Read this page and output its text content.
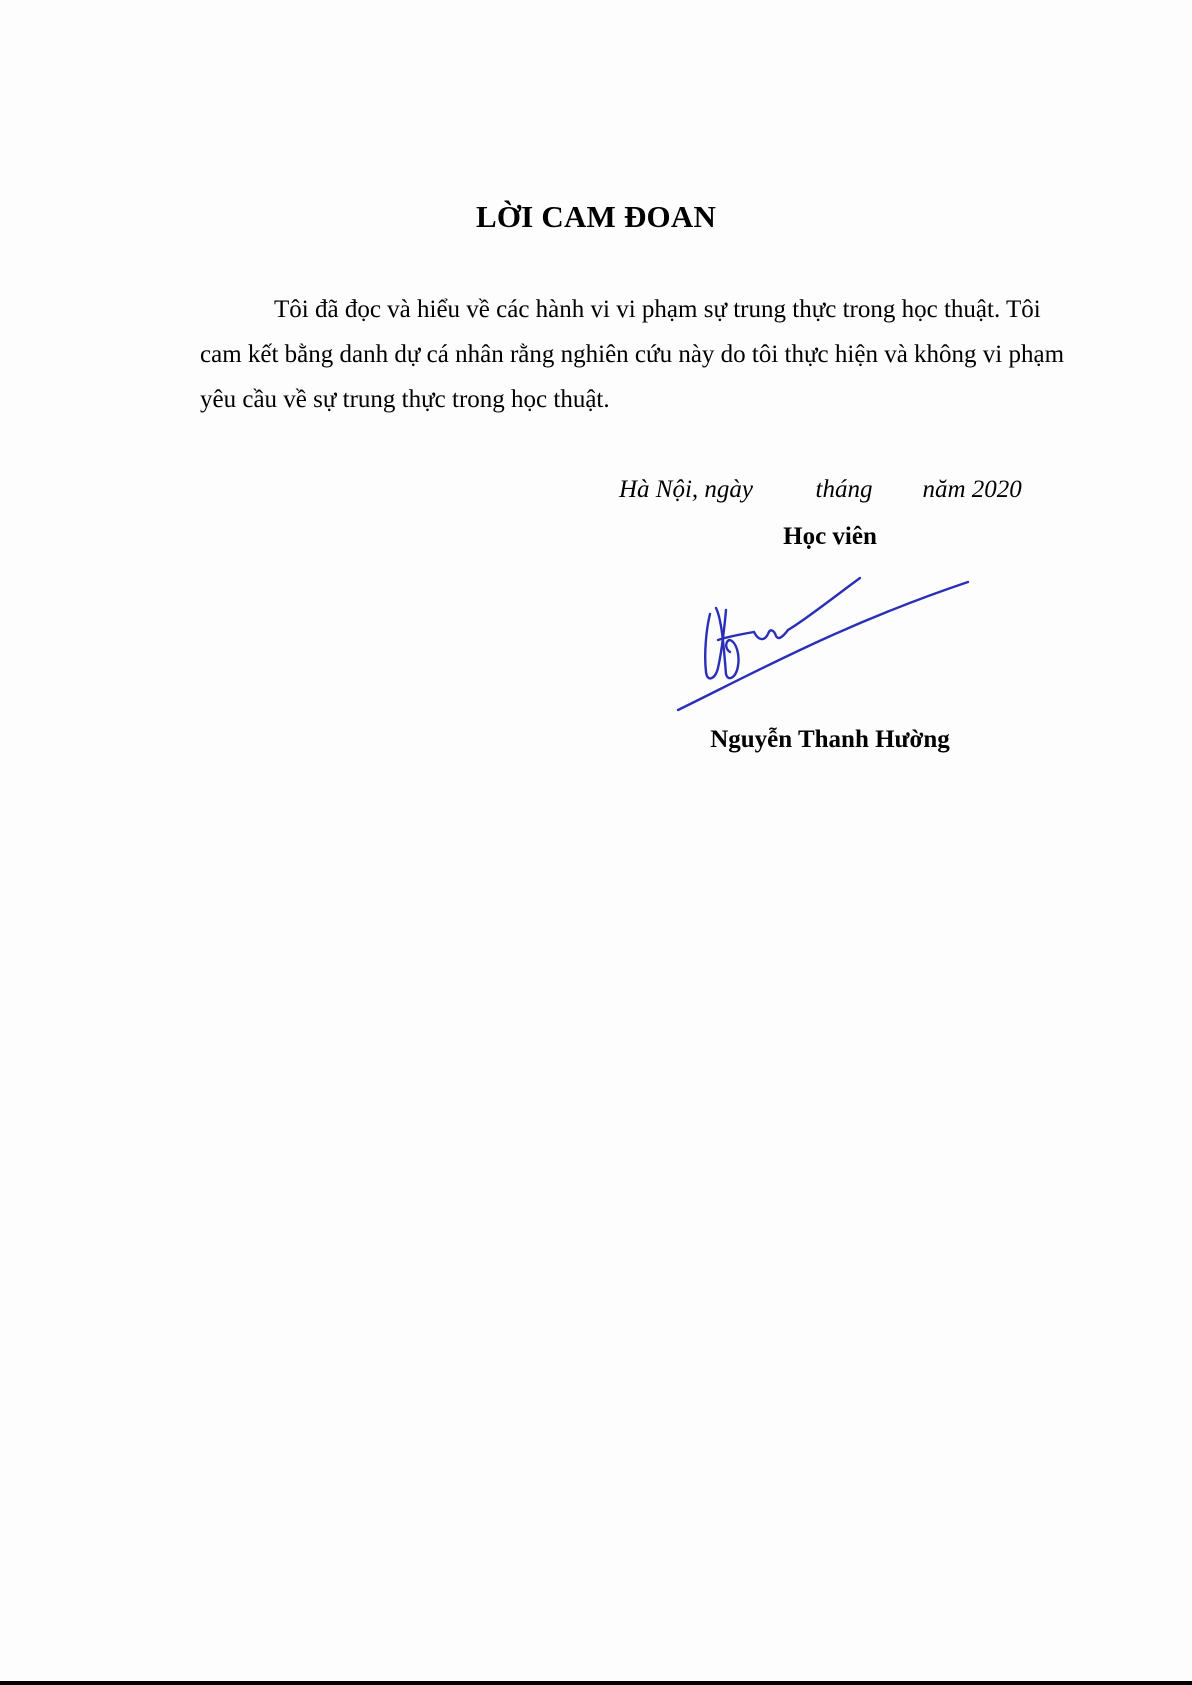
LỜI CAM ĐOAN
Tôi đã đọc và hiểu về các hành vi vi phạm sự trung thực trong học thuật. Tôi cam kết bằng danh dự cá nhân rằng nghiên cứu này do tôi thực hiện và không vi phạm yêu cầu về sự trung thực trong học thuật.
Hà Nội, ngày          tháng        năm 2020
Học viên
Nguyễn Thanh Hường
